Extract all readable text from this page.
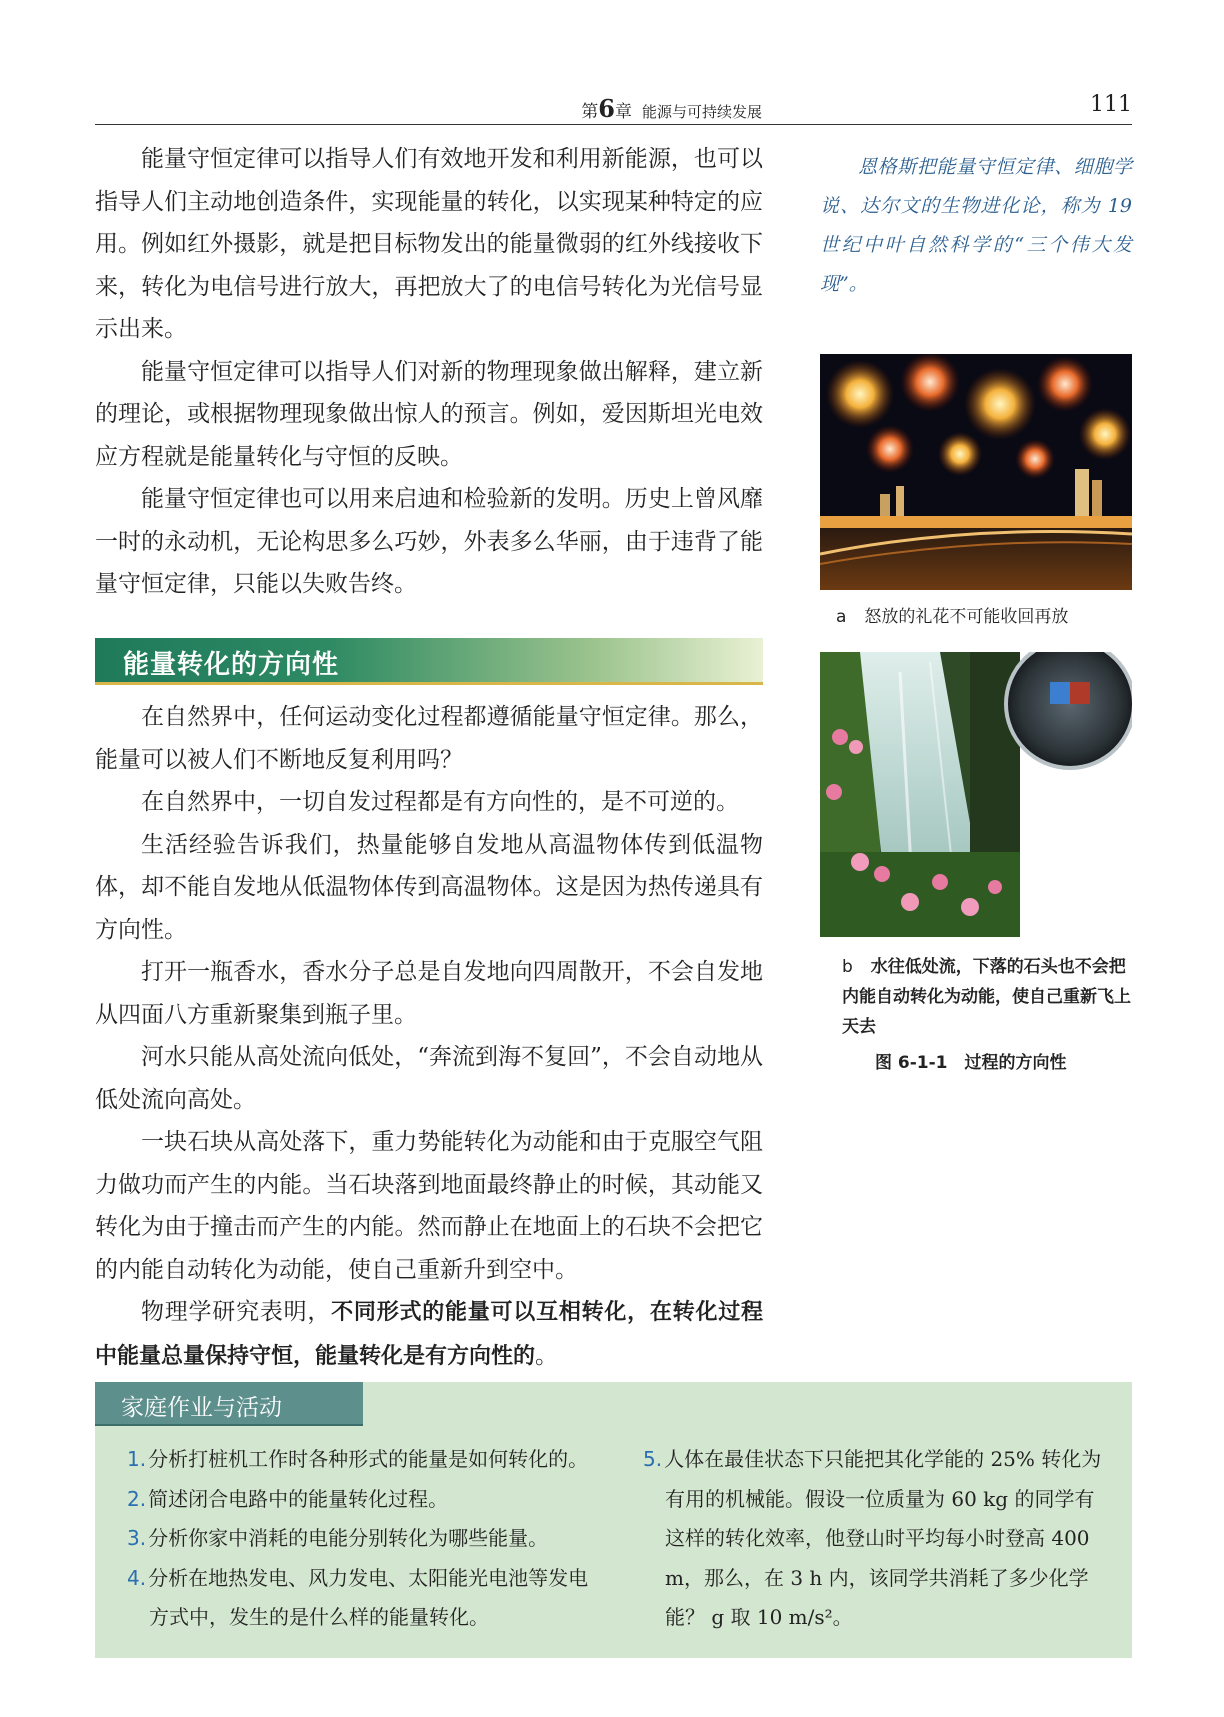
第6章 能源与可持续发展	111

能量守恒定律可以指导人们有效地开发和利用新能源，也可以指导人们主动地创造条件，实现能量的转化，以实现某种特定的应用。例如红外摄影，就是把目标物发出的能量微弱的红外线接收下来，转化为电信号进行放大，再把放大了的电信号转化为光信号显示出来。

能量守恒定律可以指导人们对新的物理现象做出解释，建立新的理论，或根据物理现象做出惊人的预言。例如，爱因斯坦光电效应方程就是能量转化与守恒的反映。

能量守恒定律也可以用来启迪和检验新的发明。历史上曾风靡一时的永动机，无论构思多么巧妙，外表多么华丽，由于违背了能量守恒定律，只能以失败告终。

能量转化的方向性

在自然界中，任何运动变化过程都遵循能量守恒定律。那么，能量可以被人们不断地反复利用吗？

在自然界中，一切自发过程都是有方向性的，是不可逆的。

生活经验告诉我们，热量能够自发地从高温物体传到低温物体，却不能自发地从低温物体传到高温物体。这是因为热传递具有方向性。

打开一瓶香水，香水分子总是自发地向四周散开，不会自发地从四面八方重新聚集到瓶子里。

河水只能从高处流向低处，“奔流到海不复回”，不会自动地从低处流向高处。

一块石块从高处落下，重力势能转化为动能和由于克服空气阻力做功而产生的内能。当石块落到地面最终静止的时候，其动能又转化为由于撞击而产生的内能。然而静止在地面上的石块不会把它的内能自动转化为动能，使自己重新升到空中。

物理学研究表明，不同形式的能量可以互相转化，在转化过程中能量总量保持守恒，能量转化是有方向性的。

恩格斯把能量守恒定律、细胞学说、达尔文的生物进化论，称为 19 世纪中叶自然科学的“三个伟大发现”。
a 怒放的礼花不可能收回再放
b 水往低处流，下落的石头也不会把内能自动转化为动能，使自己重新飞上天去
图 6-1-1　过程的方向性
家庭作业与活动
1. 分析打桩机工作时各种形式的能量是如何转化的。
2. 简述闭合电路中的能量转化过程。
3. 分析你家中消耗的电能分别转化为哪些能量。
4. 分析在地热发电、风力发电、太阳能光电池等发电方式中，发生的是什么样的能量转化。
5. 人体在最佳状态下只能把其化学能的 25% 转化为有用的机械能。假设一位质量为 60 kg 的同学有这样的转化效率，他登山时平均每小时登高 400 m，那么，在 3 h 内，该同学共消耗了多少化学能？ g 取 10 m/s²。
